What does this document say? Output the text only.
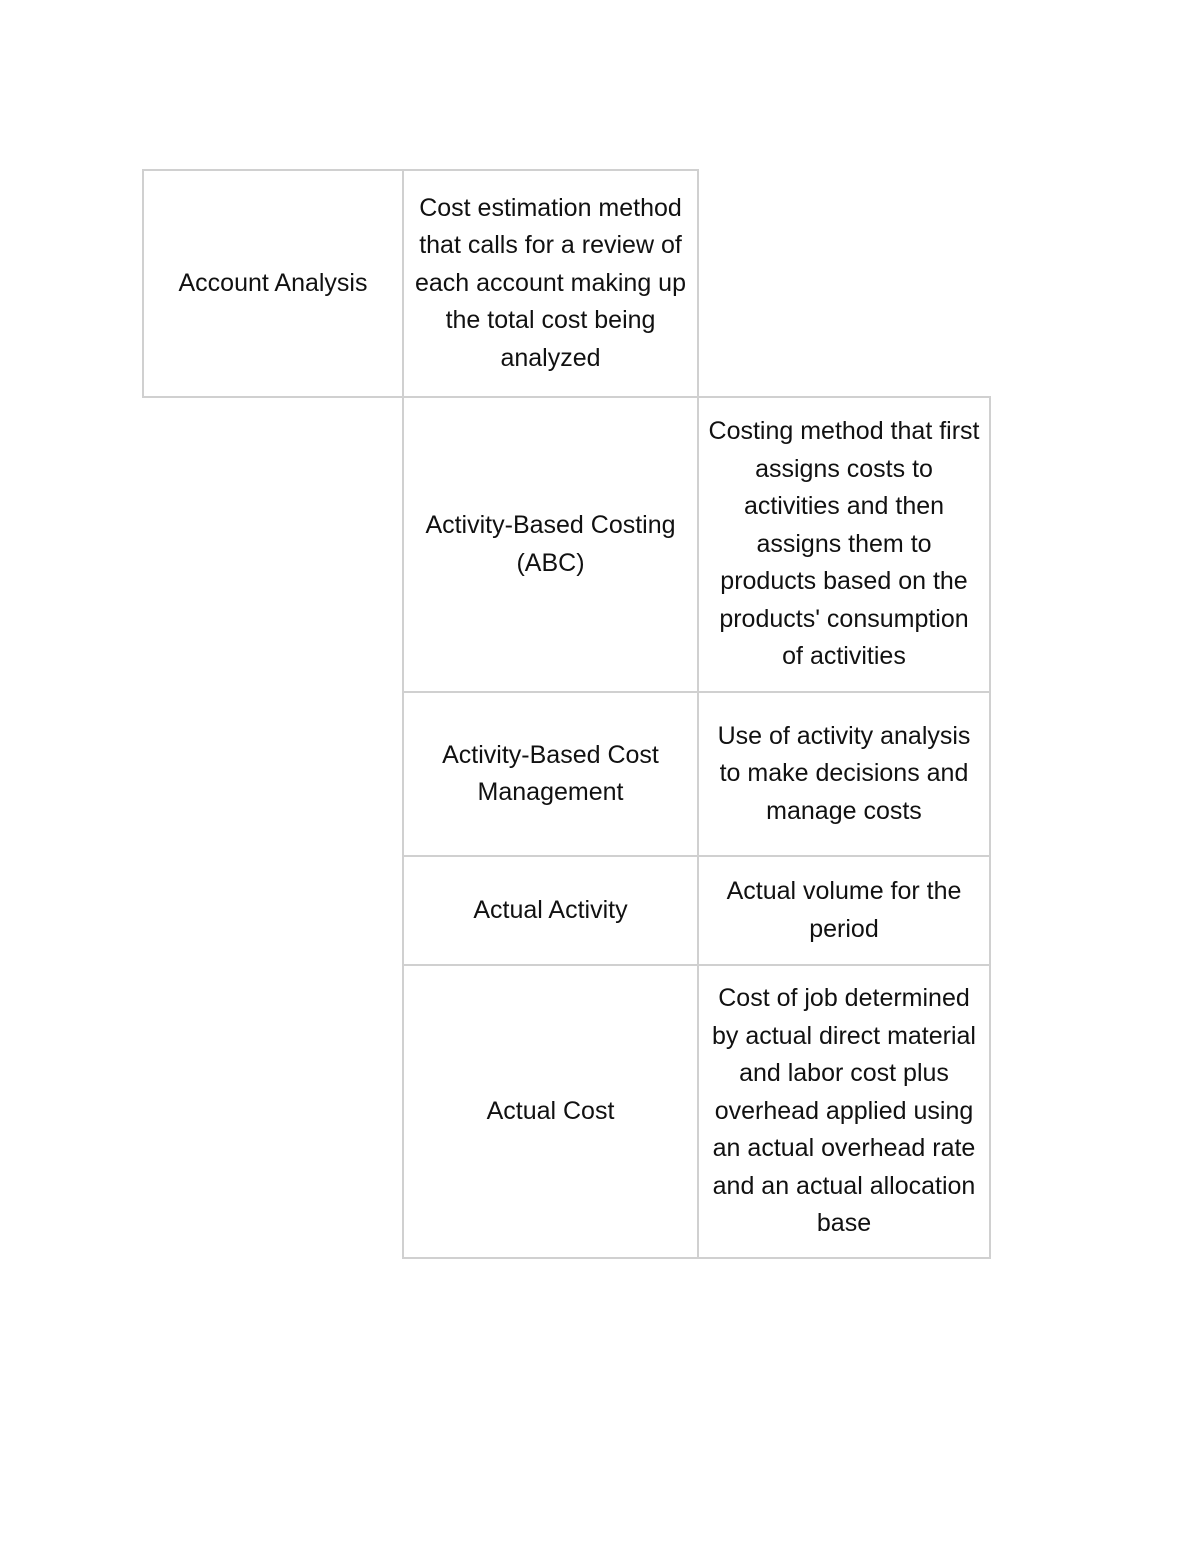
Account Analysis
Cost estimation method that calls for a review of each account making up the total cost being analyzed
Activity-Based Costing (ABC)
Costing method that first assigns costs to activities and then assigns them to products based on the products' consumption of activities
Activity-Based Cost Management
Use of activity analysis to make decisions and manage costs
Actual Activity
Actual volume for the period
Actual Cost
Cost of job determined by actual direct material and labor cost plus overhead applied using an actual overhead rate and an actual allocation base
